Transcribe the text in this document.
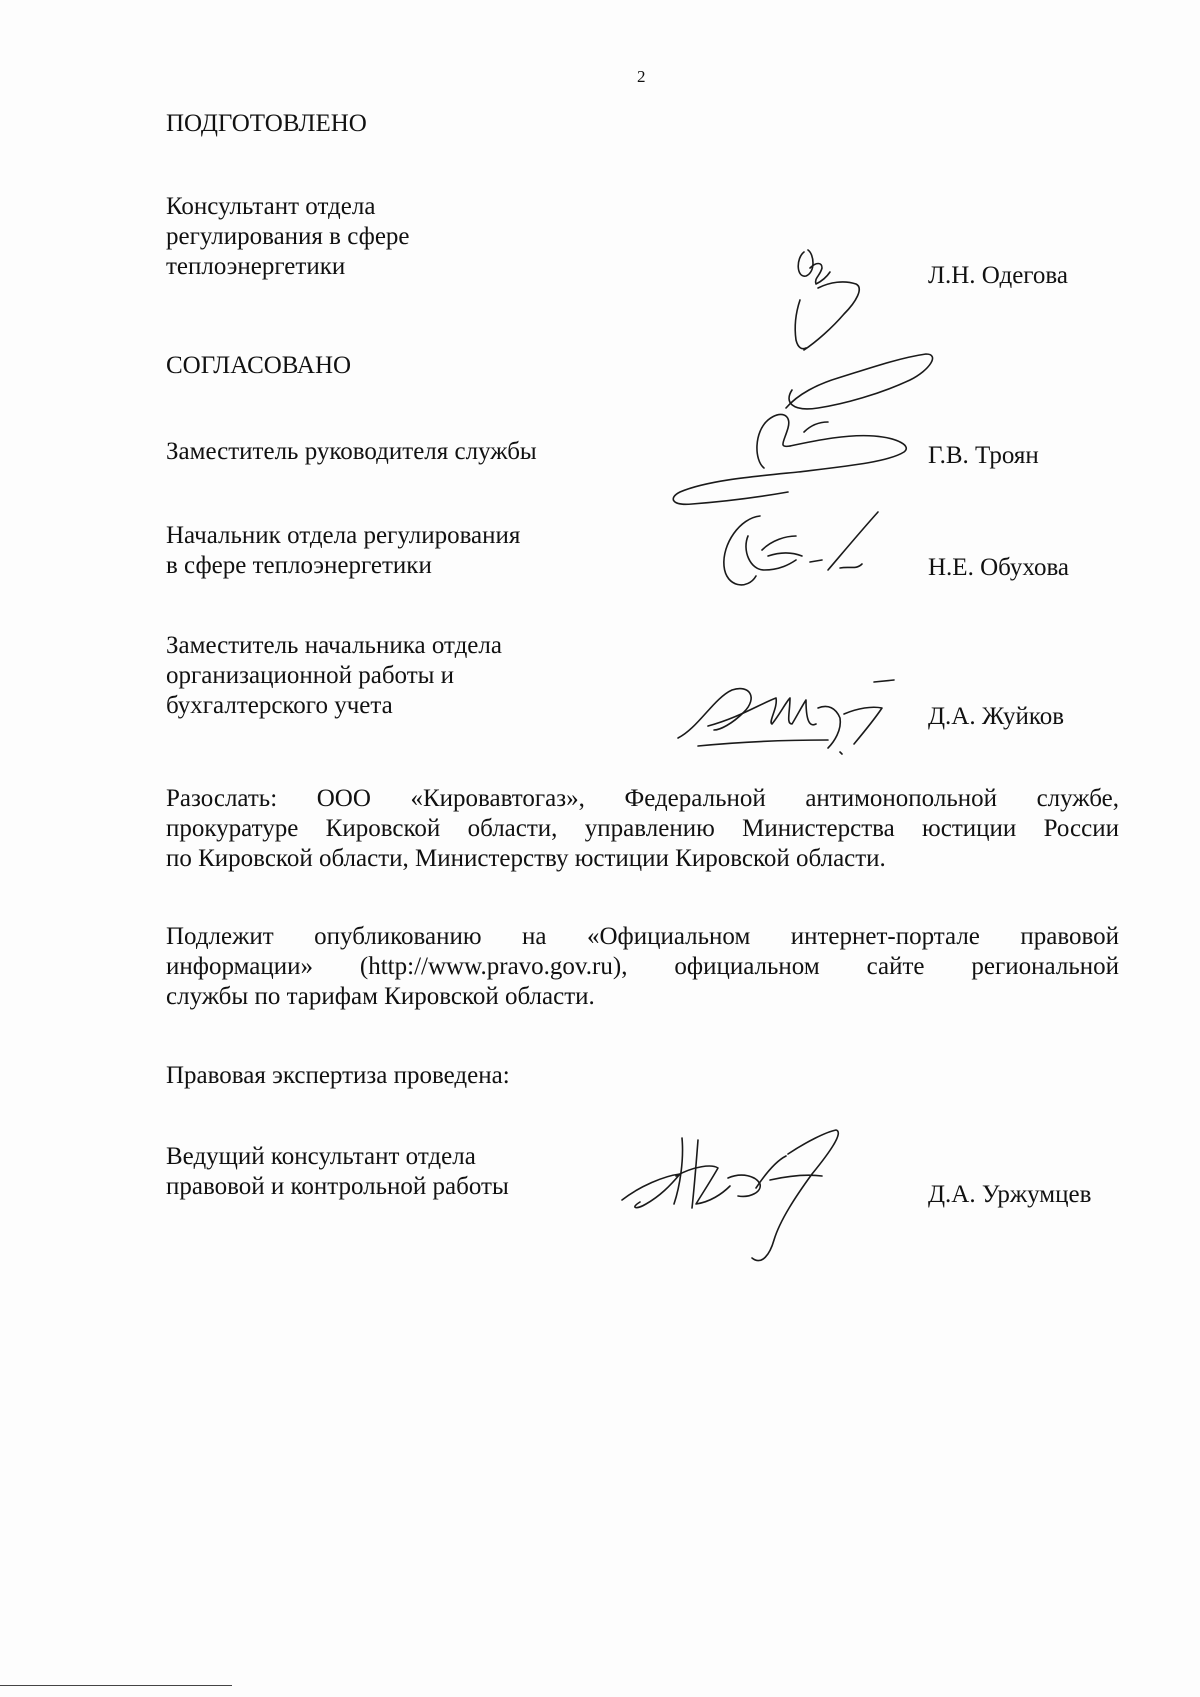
2
ПОДГОТОВЛЕНО
Консультант отдела
регулирования в сфере
теплоэнергетики	Л.Н. Одегова
СОГЛАСОВАНО
Заместитель руководителя службы	Г.В. Троян
Начальник отдела регулирования
в сфере теплоэнергетики	Н.Е. Обухова
Заместитель начальника отдела
организационной работы и
бухгалтерского учета	Д.А. Жуйков
Разослать: ООО «Кировавтогаз», Федеральной антимонопольной службе,
прокуратуре Кировской области, управлению Министерства юстиции России
по Кировской области, Министерству юстиции Кировской области.
Подлежит опубликованию на «Официальном интернет-портале правовой
информации» (http://www.pravo.gov.ru), официальном сайте региональной
службы по тарифам Кировской области.
Правовая экспертиза проведена:
Ведущий консультант отдела
правовой и контрольной работы	Д.А. Уржумцев
